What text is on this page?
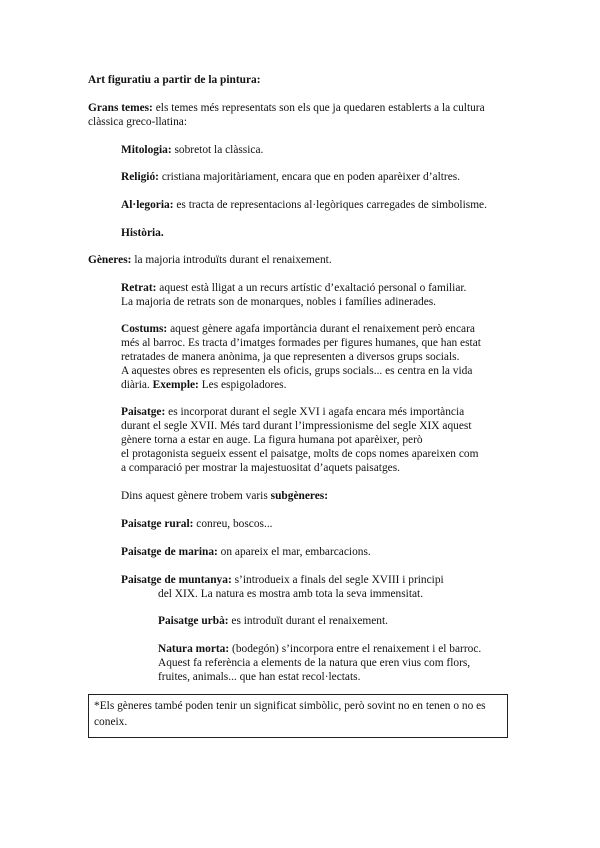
Art figuratiu a partir de la pintura:
Grans temes: els temes més representats son els que ja quedaren establerts a la cultura
clàssica greco-llatina:
Mitologia: sobretot la clàssica.
Religió: cristiana majoritàriament, encara que en poden aparèixer d’altres.
Al·legoria: es tracta de representacions al·legòriques carregades de simbolisme.
Història.
Gèneres: la majoria introduïts durant el renaixement.
Retrat: aquest està lligat a un recurs artístic d’exaltació personal o familiar.
La majoria de retrats son de monarques, nobles i famílies adinerades.
Costums: aquest gènere agafa importància durant el renaixement però encara
més al barroc. Es tracta d’imatges formades per figures humanes, que han estat
retratades de manera anònima, ja que representen a diversos grups socials.
A aquestes obres es representen els oficis, grups socials... es centra en la vida
diària. Exemple: Les espigoladores.
Paisatge: es incorporat durant el segle XVI i agafa encara més importància
durant el segle XVII. Més tard durant l’impressionisme del segle XIX aquest
gènere torna a estar en auge. La figura humana pot aparèixer, però
el protagonista segueix essent el paisatge, molts de cops nomes apareixen com
a comparació per mostrar la majestuositat d’aquets paisatges.
Dins aquest gènere trobem varis subgèneres:
Paisatge rural: conreu, boscos...
Paisatge de marina: on apareix el mar, embarcacions.
Paisatge de muntanya: s’introdueix a finals del segle XVIII i principi
del XIX. La natura es mostra amb tota la seva immensitat.
Paisatge urbà: es introduït durant el renaixement.
Natura morta: (bodegón) s’incorpora entre el renaixement i el barroc.
Aquest fa referència a elements de la natura que eren vius com flors,
fruites, animals... que han estat recol·lectats.
*Els gèneres també poden tenir un significat simbòlic, però sovint no en tenen o no es coneix.
